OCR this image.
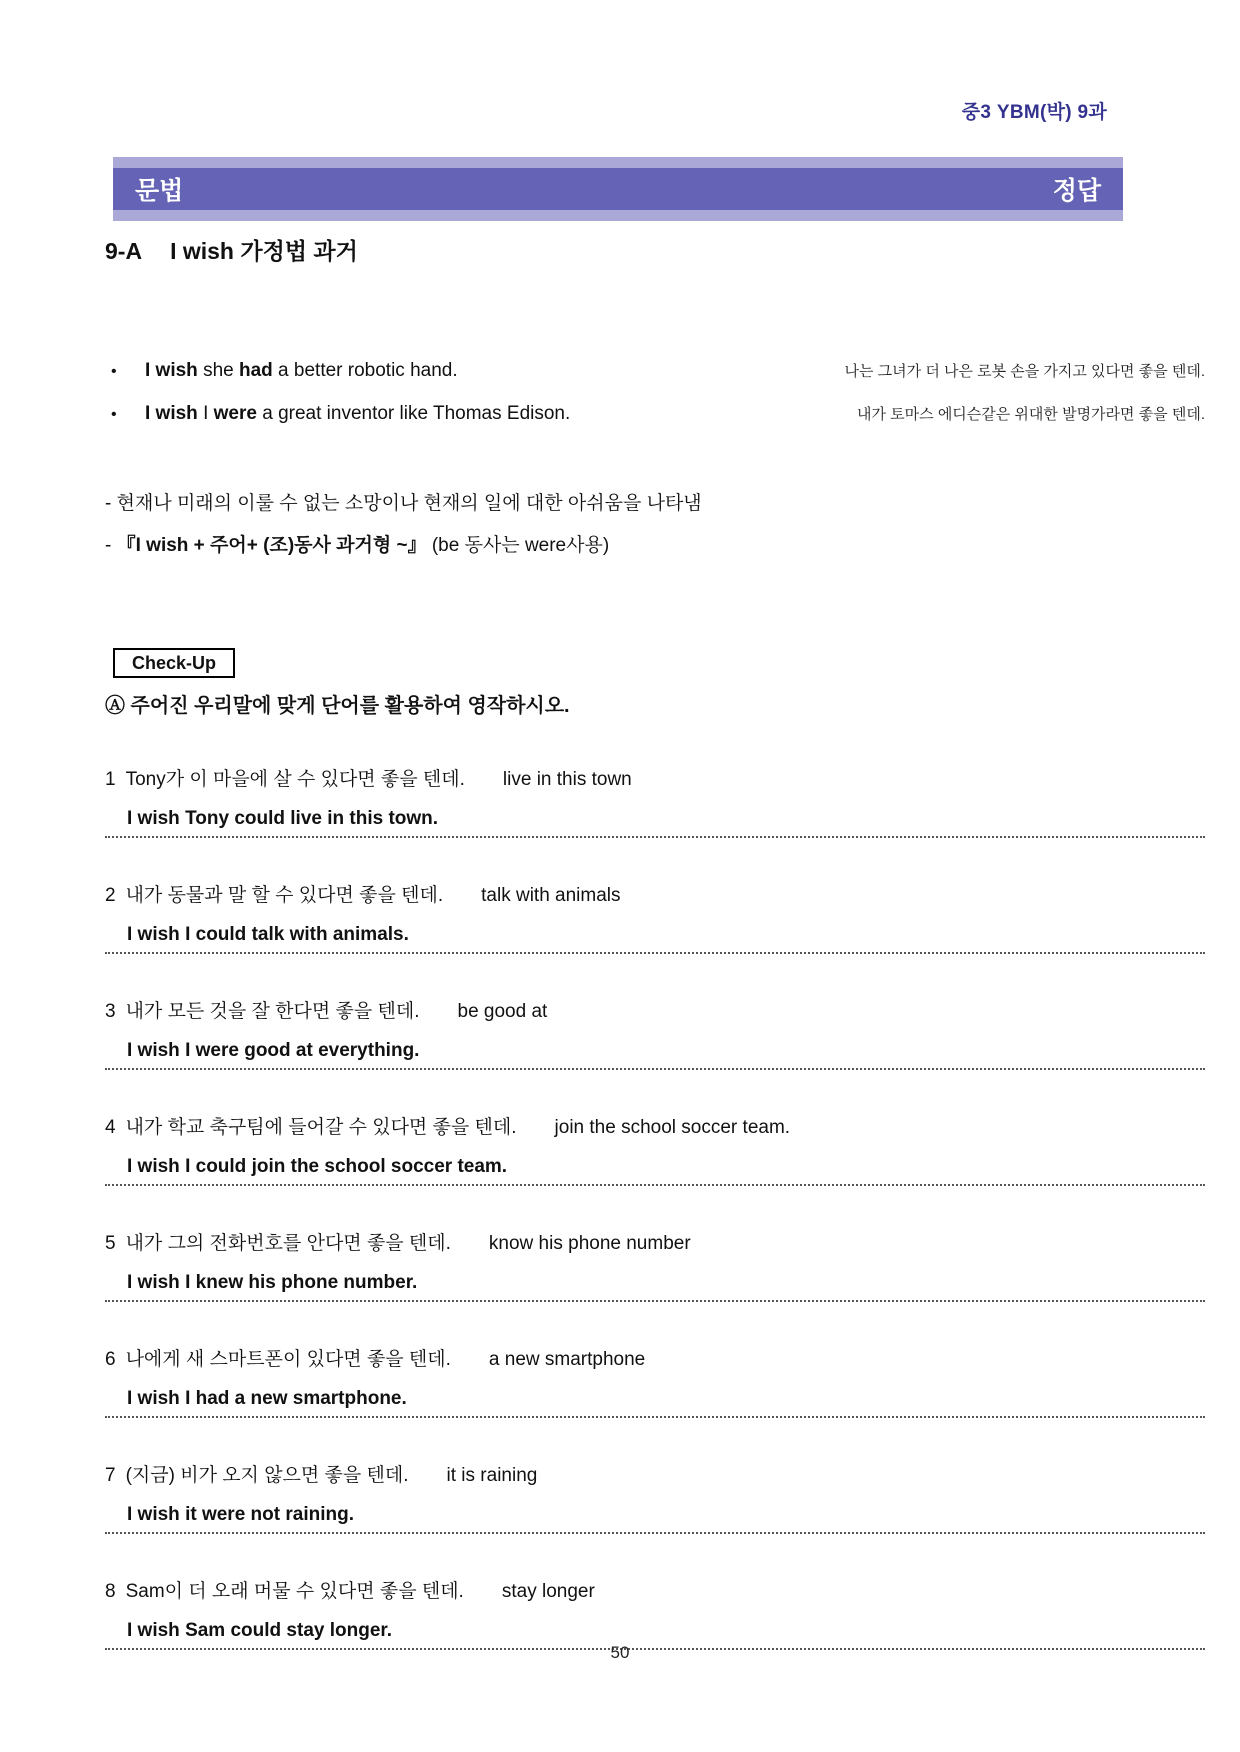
중3 YBM(박) 9과
문법	정답
9-A I wish 가정법 과거
•	I wish she had a better robotic hand.	나는 그녀가 더 나은 로봇 손을 가지고 있다면 좋을 텐데.
•	I wish I were a great inventor like Thomas Edison.	내가 토마스 에디슨같은 위대한 발명가라면 좋을 텐데.
- 현재나 미래의 이룰 수 없는 소망이나 현재의 일에 대한 아쉬움을 나타냄
- 『I wish + 주어+ (조)동사 과거형 ~』 (be 동사는 were사용)
Check-Up
Ⓐ 주어진 우리말에 맞게 단어를 활용하여 영작하시오.
1 Tony가 이 마을에 살 수 있다면 좋을 텐데. live in this town
I wish Tony could live in this town.
2 내가 동물과 말 할 수 있다면 좋을 텐데. talk with animals
I wish I could talk with animals.
3 내가 모든 것을 잘 한다면 좋을 텐데. be good at
I wish I were good at everything.
4 내가 학교 축구팀에 들어갈 수 있다면 좋을 텐데. join the school soccer team.
I wish I could join the school soccer team.
5 내가 그의 전화번호를 안다면 좋을 텐데. know his phone number
I wish I knew his phone number.
6 나에게 새 스마트폰이 있다면 좋을 텐데. a new smartphone
I wish I had a new smartphone.
7 (지금) 비가 오지 않으면 좋을 텐데. it is raining
I wish it were not raining.
8 Sam이 더 오래 머물 수 있다면 좋을 텐데. stay longer
I wish Sam could stay longer.
50
